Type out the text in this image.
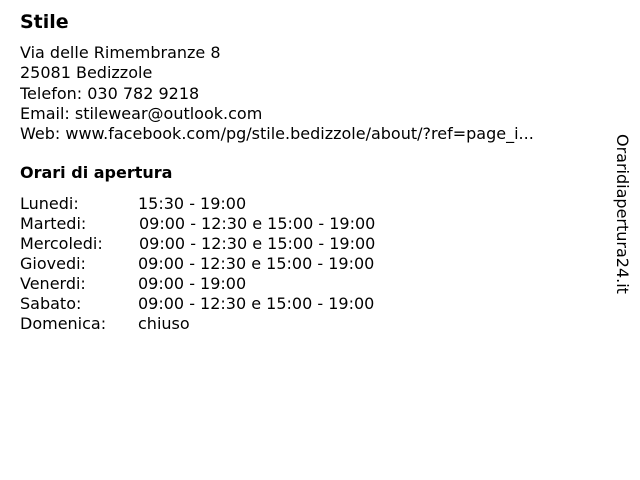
Stile
Via delle Rimembranze 8
25081 Bedizzole
Telefon: 030 782 9218
Email: stilewear@outlook.com
Web: www.facebook.com/pg/stile.bedizzole/about/?ref=page_i...
Orari di apertura
Lunedi:	15:30 - 19:00
Martedi:	09:00 - 12:30 e 15:00 - 19:00
Mercoledi: 09:00 - 12:30 e 15:00 - 19:00
Giovedi:	09:00 - 12:30 e 15:00 - 19:00
Venerdi:	09:00 - 19:00
Sabato:	09:00 - 12:30 e 15:00 - 19:00
Domenica: chiuso
Oraridiapertura24.it
